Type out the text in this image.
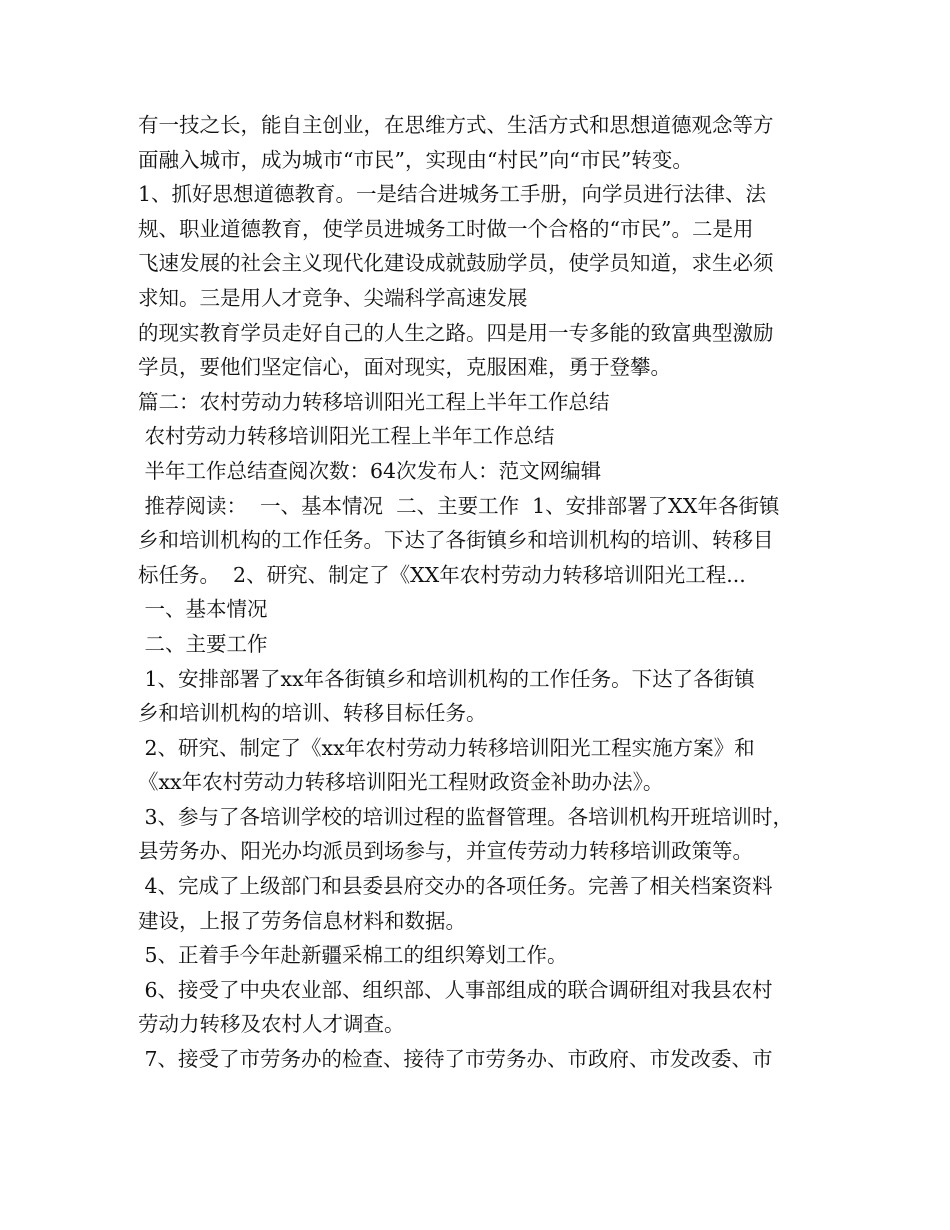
有一技之长，能自主创业，在思维方式、生活方式和思想道德观念等方
面融入城市，成为城市“市民”，实现由“村民”向“市民”转变。
1、抓好思想道德教育。一是结合进城务工手册，向学员进行法律、法
规、职业道德教育，使学员进城务工时做一个合格的“市民”。二是用
飞速发展的社会主义现代化建设成就鼓励学员，使学员知道，求生必须
求知。三是用人才竞争、尖端科学高速发展
的现实教育学员走好自己的人生之路。四是用一专多能的致富典型激励
学员，要他们坚定信心，面对现实，克服困难，勇于登攀。
篇二：农村劳动力转移培训阳光工程上半年工作总结
农村劳动力转移培训阳光工程上半年工作总结
半年工作总结查阅次数：64次发布人：范文网编辑
推荐阅读：  一、基本情况  二、主要工作  1、安排部署了XX年各街镇
乡和培训机构的工作任务。下达了各街镇乡和培训机构的培训、转移目
标任务。  2、研究、制定了《XX年农村劳动力转移培训阳光工程...
一、基本情况
二、主要工作
1、安排部署了xx年各街镇乡和培训机构的工作任务。下达了各街镇
乡和培训机构的培训、转移目标任务。
2、研究、制定了《xx年农村劳动力转移培训阳光工程实施方案》和
《xx年农村劳动力转移培训阳光工程财政资金补助办法》。
3、参与了各培训学校的培训过程的监督管理。各培训机构开班培训时，
县劳务办、阳光办均派员到场参与，并宣传劳动力转移培训政策等。
4、完成了上级部门和县委县府交办的各项任务。完善了相关档案资料
建设，上报了劳务信息材料和数据。
5、正着手今年赴新疆采棉工的组织筹划工作。
6、接受了中央农业部、组织部、人事部组成的联合调研组对我县农村
劳动力转移及农村人才调查。
7、接受了市劳务办的检查、接待了市劳务办、市政府、市发改委、市
